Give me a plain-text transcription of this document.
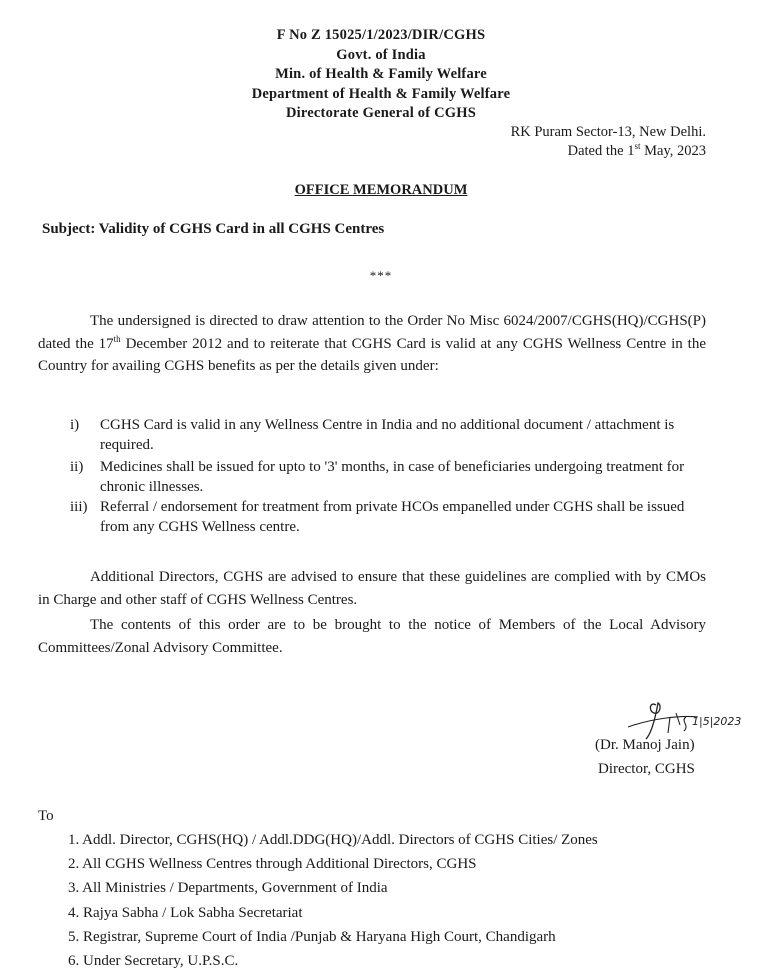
F No Z 15025/1/2023/DIR/CGHS
Govt. of India
Min. of Health & Family Welfare
Department of Health & Family Welfare
Directorate General of CGHS
RK Puram Sector-13, New Delhi.
Dated the 1st May, 2023
OFFICE MEMORANDUM
Subject: Validity of CGHS Card in all CGHS Centres
***
The undersigned is directed to draw attention to the Order No Misc 6024/2007/CGHS(HQ)/CGHS(P) dated the 17th December 2012 and to reiterate that CGHS Card is valid at any CGHS Wellness Centre in the Country for availing CGHS benefits as per the details given under:
i)	CGHS Card is valid in any Wellness Centre in India and no additional document / attachment is required.
ii)	Medicines shall be issued for upto to '3' months, in case of beneficiaries undergoing treatment for chronic illnesses.
iii) Referral / endorsement for treatment from private HCOs empanelled under CGHS shall be issued from any CGHS Wellness centre.
Additional Directors, CGHS are advised to ensure that these guidelines are complied with by CMOs in Charge and other staff of CGHS Wellness Centres.
The contents of this order are to be brought to the notice of Members of the Local Advisory Committees/Zonal Advisory Committee.
1|5|2023
(Dr. Manoj Jain)
Director, CGHS
To
1. Addl. Director, CGHS(HQ) / Addl.DDG(HQ)/Addl. Directors of CGHS Cities/ Zones
2. All CGHS Wellness Centres through Additional Directors, CGHS
3. All Ministries / Departments, Government of India
4. Rajya Sabha / Lok Sabha Secretariat
5. Registrar, Supreme Court of India /Punjab & Haryana High Court, Chandigarh
6. Under Secretary, U.P.S.C.
